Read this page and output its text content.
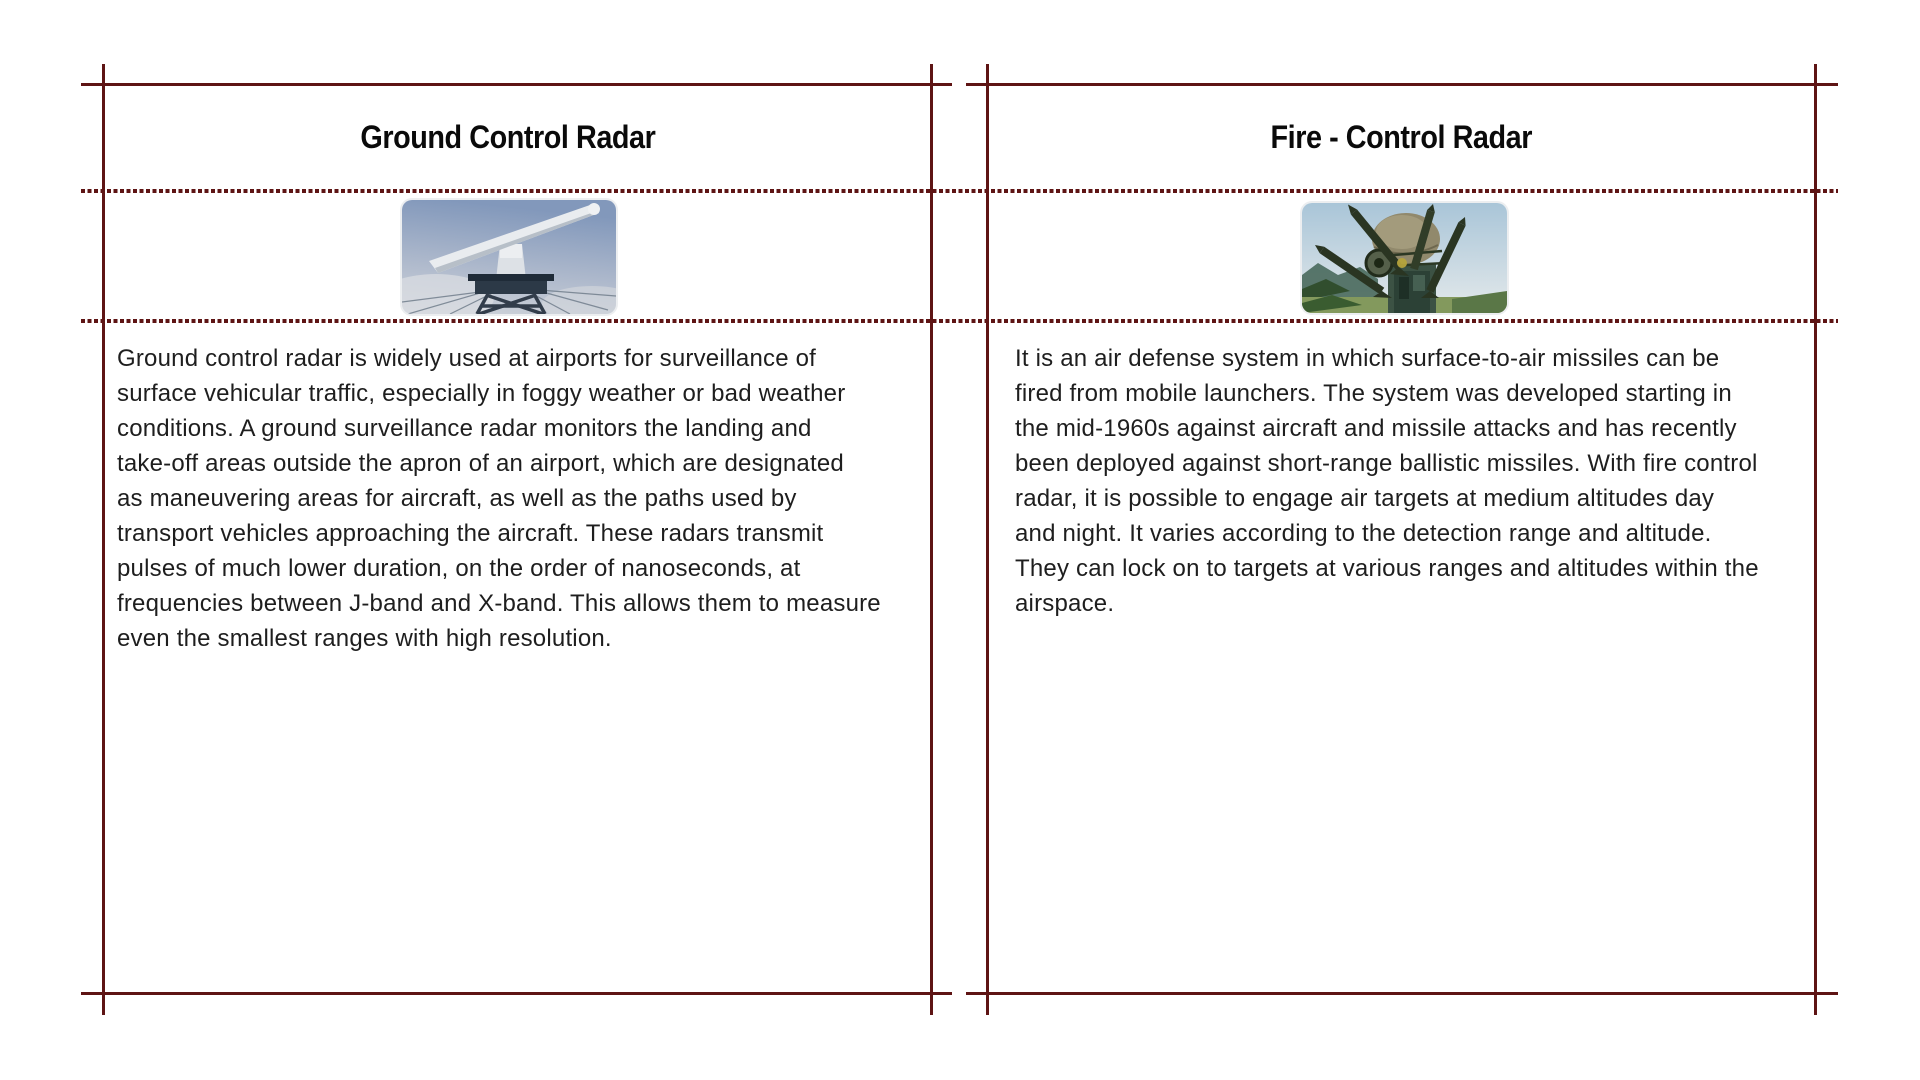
Ground Control Radar
Ground control radar is widely used at airports for surveillance of
surface vehicular traffic, especially in foggy weather or bad weather
conditions. A ground surveillance radar monitors the landing and
take-off areas outside the apron of an airport, which are designated
as maneuvering areas for aircraft, as well as the paths used by
transport vehicles approaching the aircraft. These radars transmit
pulses of much lower duration, on the order of nanoseconds, at
frequencies between J-band and X-band. This allows them to measure
even the smallest ranges with high resolution.
Fire - Control Radar
It is an air defense system in which surface-to-air missiles can be
fired from mobile launchers. The system was developed starting in
the mid-1960s against aircraft and missile attacks and has recently
been deployed against short-range ballistic missiles. With fire control
radar, it is possible to engage air targets at medium altitudes day
and night. It varies according to the detection range and altitude.
They can lock on to targets at various ranges and altitudes within the
airspace.
